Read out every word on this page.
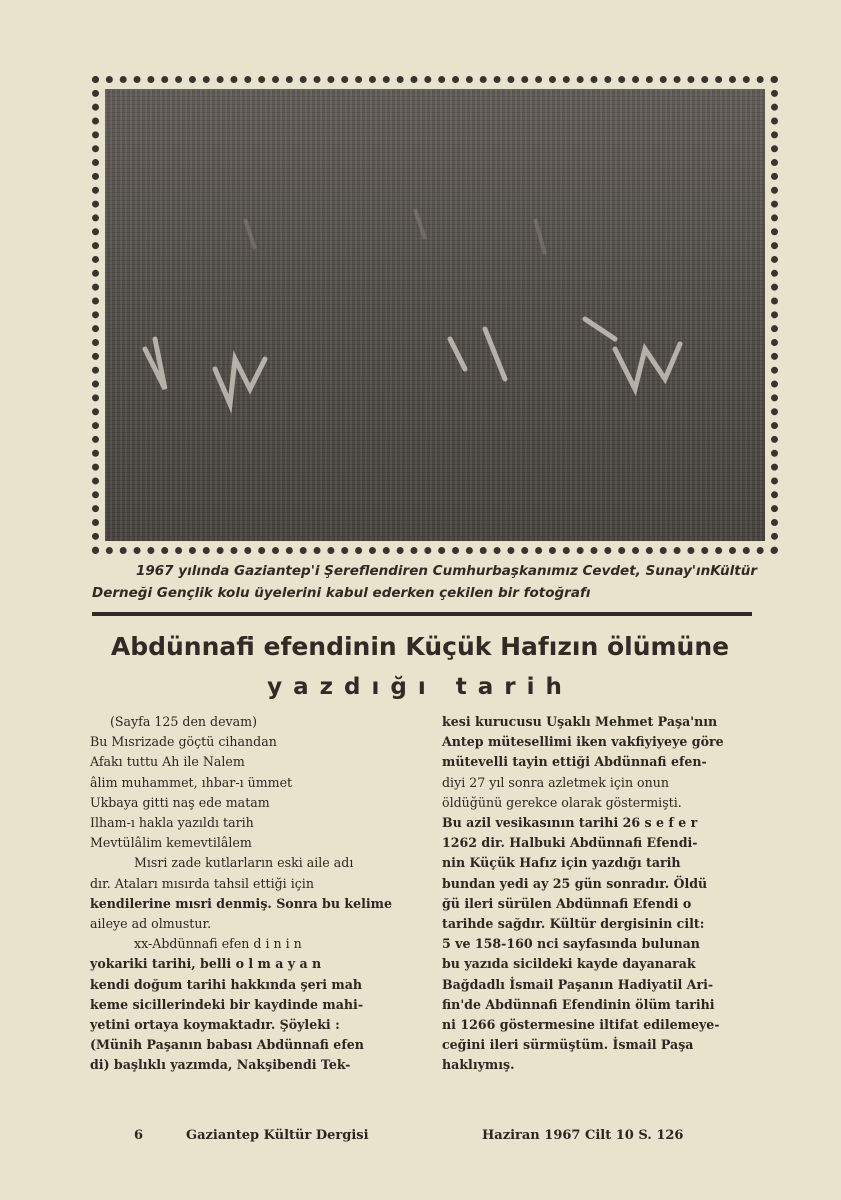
1967 yılında Gaziantep'i Şereflendiren Cumhurbaşkanımız Cevdet, Sunay'ınKültür
Derneği Gençlik kolu üyelerini kabul ederken çekilen bir fotoğrafı
Abdünnafi efendinin Küçük Hafızın ölümüne
yazdığı tarih
(Sayfa 125 den devam)
Bu Mısrizade göçtü cihandan
Afakı tuttu Ah ile Nalem
âlim muhammet, ıhbar-ı ümmet
Ukbaya gitti naş ede matam
Ilham-ı hakla yazıldı tarih
Mevtülâlim kemevtilâlem
Mısri zade kutlarların eski aile adı
dır. Ataları mısırda tahsil ettiği için
kendilerine mısri denmiş. Sonra bu kelime
aileye ad olmustur.
xx-Abdünnafi efen d i n i n
yokariki tarihi, belli o l m a y a n
kendi doğum tarihi hakkında şeri mah
keme sicillerindeki bir kaydinde mahi-
yetini ortaya koymaktadır. Şöyleki :
(Münih Paşanın babası Abdünnafi efen
di) başlıklı yazımda, Nakşibendi Tek-
kesi kurucusu Uşaklı Mehmet Paşa'nın
Antep mütesellimi iken vakfiyiyeye göre
mütevelli tayin ettiği Abdünnafi efen-
diyi 27 yıl sonra azletmek için onun
öldüğünü gerekce olarak göstermişti.
Bu azil vesikasının tarihi 26 s e f e r
1262 dir. Halbuki Abdünnafi Efendi-
nin Küçük Hafız için yazdığı tarih
bundan yedi ay 25 gün sonradır. Öldü
ğü ileri sürülen Abdünnafi Efendi o
tarihde sağdır. Kültür dergisinin cilt:
5 ve 158-160 nci sayfasında bulunan
bu yazıda sicildeki kayde dayanarak
Bağdadlı İsmail Paşanın Hadiyatil Ari-
fin'de Abdünnafi Efendinin ölüm tarihi
ni 1266 göstermesine iltifat edilemeye-
ceğini ileri sürmüştüm. İsmail Paşa
haklıymış.
6	Gaziantep Kültür Dergisi	Haziran 1967 Cilt 10 S. 126
